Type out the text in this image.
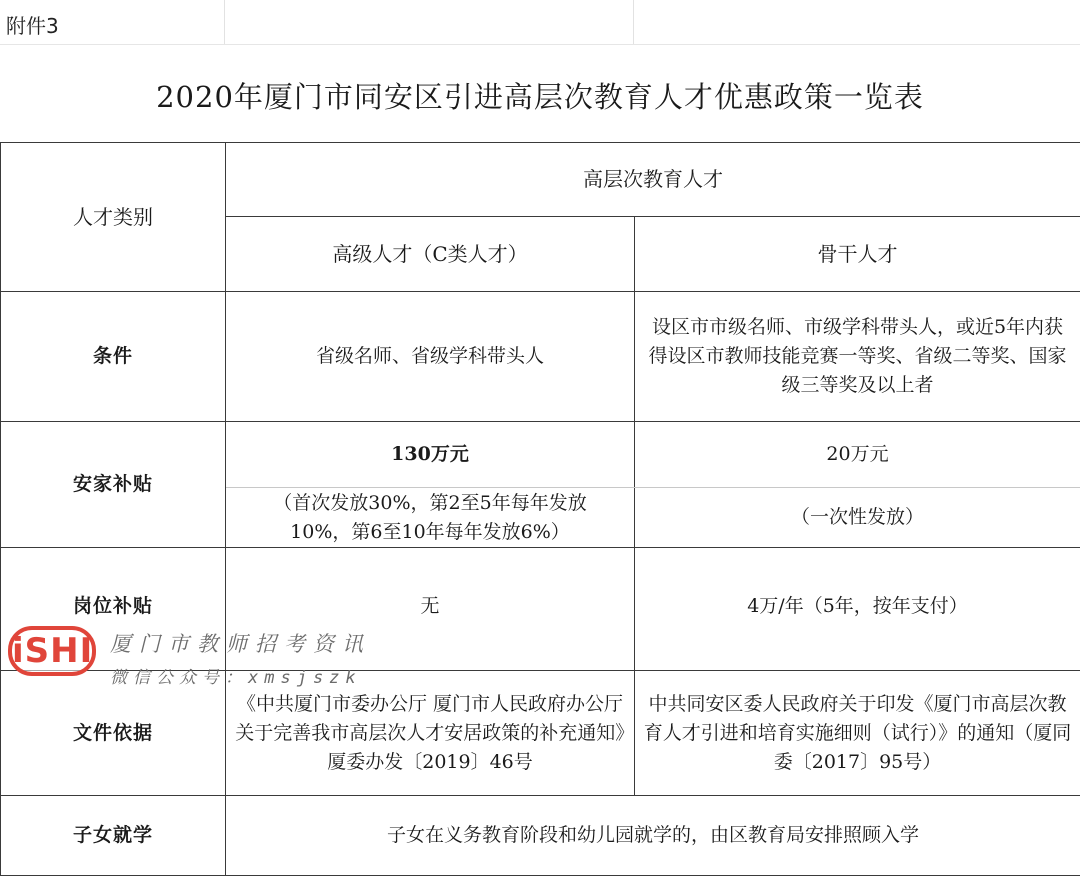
附件3
2020年厦门市同安区引进高层次教育人才优惠政策一览表
人才类别	高层次教育人才	
	高级人才（C类人才）	骨干人才
条件	省级名师、省级学科带头人	设区市市级名师、市级学科带头人，或近5年内获得设区市教师技能竞赛一等奖、省级二等奖、国家级三等奖及以上者
安家补贴	130万元	20万元
	（首次发放30%，第2至5年每年发放10%，第6至10年每年发放6%）	（一次性发放）
岗位补贴	无	4万/年（5年，按年支付）
文件依据	《中共厦门市委办公厅 厦门市人民政府办公厅关于完善我市高层次人才安居政策的补充通知》厦委办发〔2019〕46号	中共同安区委人民政府关于印发《厦门市高层次教育人才引进和培育实施细则（试行）》的通知（厦同委〔2017〕95号）
子女就学	子女在义务教育阶段和幼儿园就学的，由区教育局安排照顾入学	
iSHI 厦门市教师招考资讯
微信公众号：xmsjszk
